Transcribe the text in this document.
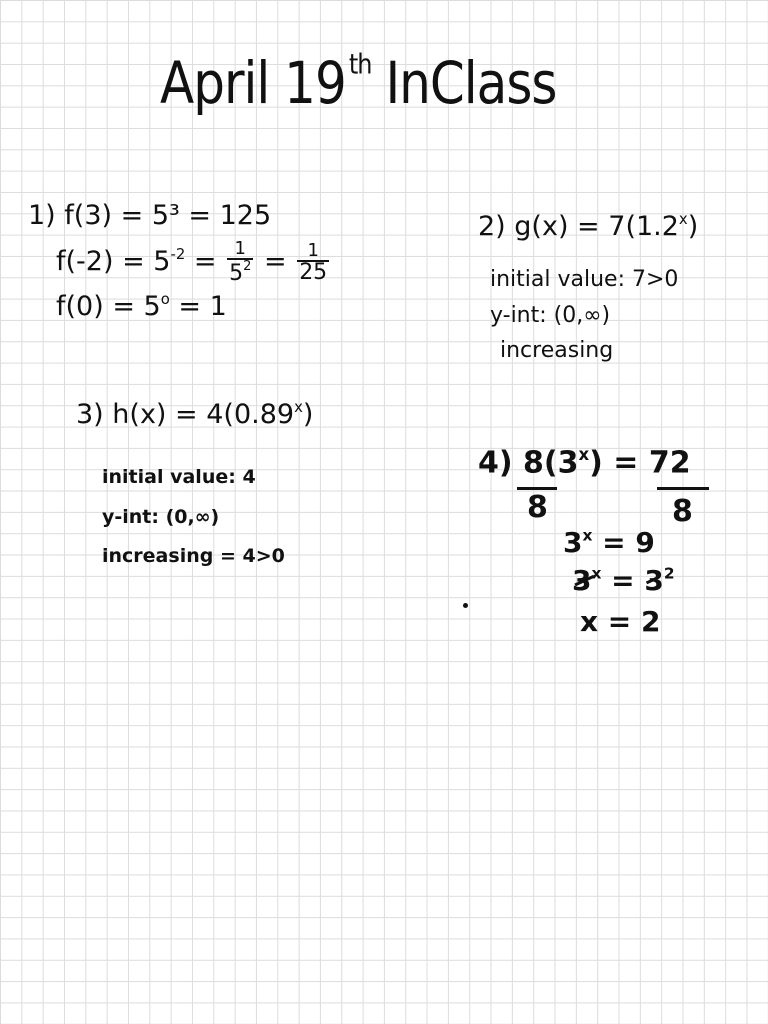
April 19 $^{th}$ InClass
1) f(3) = 5³ = 125
$f(-2) = 5^{-2} = \frac{1}{5^2} = \frac{1}{25}$
$f(0) = 5^o = 1$
2) $g(x) = 7(1.2^x)$
initial value: 7>0
y-int: (0,∞)
increasing
3) $h(x) = 4(0.89^x)$
initial value: 4
y-int: (0,∞)
increasing = 4>0
4) $8(3^x) = 72$
8	8
$3^x = 9$
$3^x = 3^2$
x = 2
